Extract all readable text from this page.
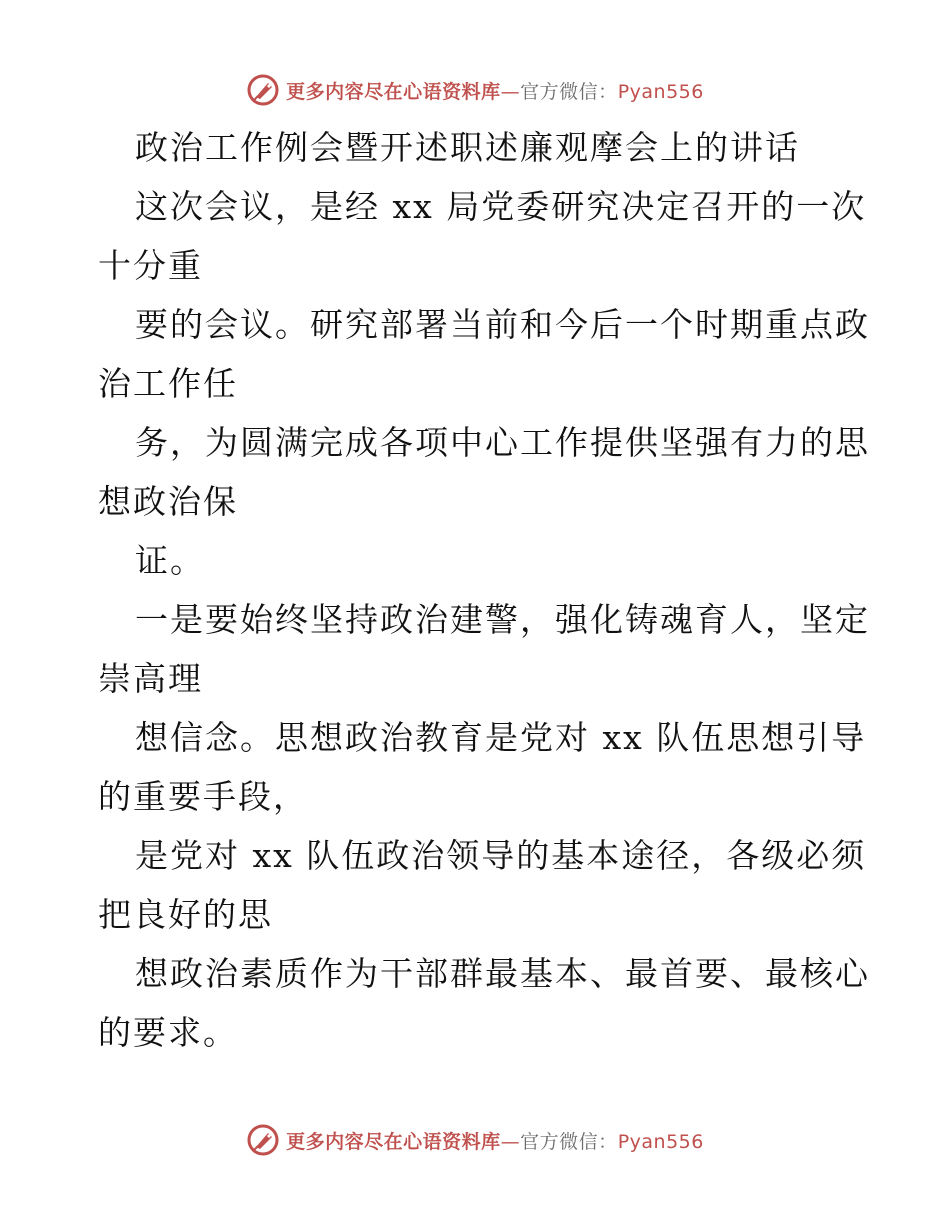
更多内容尽在心语资料库—官方微信：Pyan556
政治工作例会暨开述职述廉观摩会上的讲话
这次会议，是经 xx 局党委研究决定召开的一次
十分重
要的会议。研究部署当前和今后一个时期重点政
治工作任
务，为圆满完成各项中心工作提供坚强有力的思
想政治保
证。
一是要始终坚持政治建警，强化铸魂育人，坚定
崇高理
想信念。思想政治教育是党对 xx 队伍思想引导
的重要手段，
是党对 xx 队伍政治领导的基本途径，各级必须
把良好的思
想政治素质作为干部群最基本、最首要、最核心
的要求。
更多内容尽在心语资料库—官方微信：Pyan556
